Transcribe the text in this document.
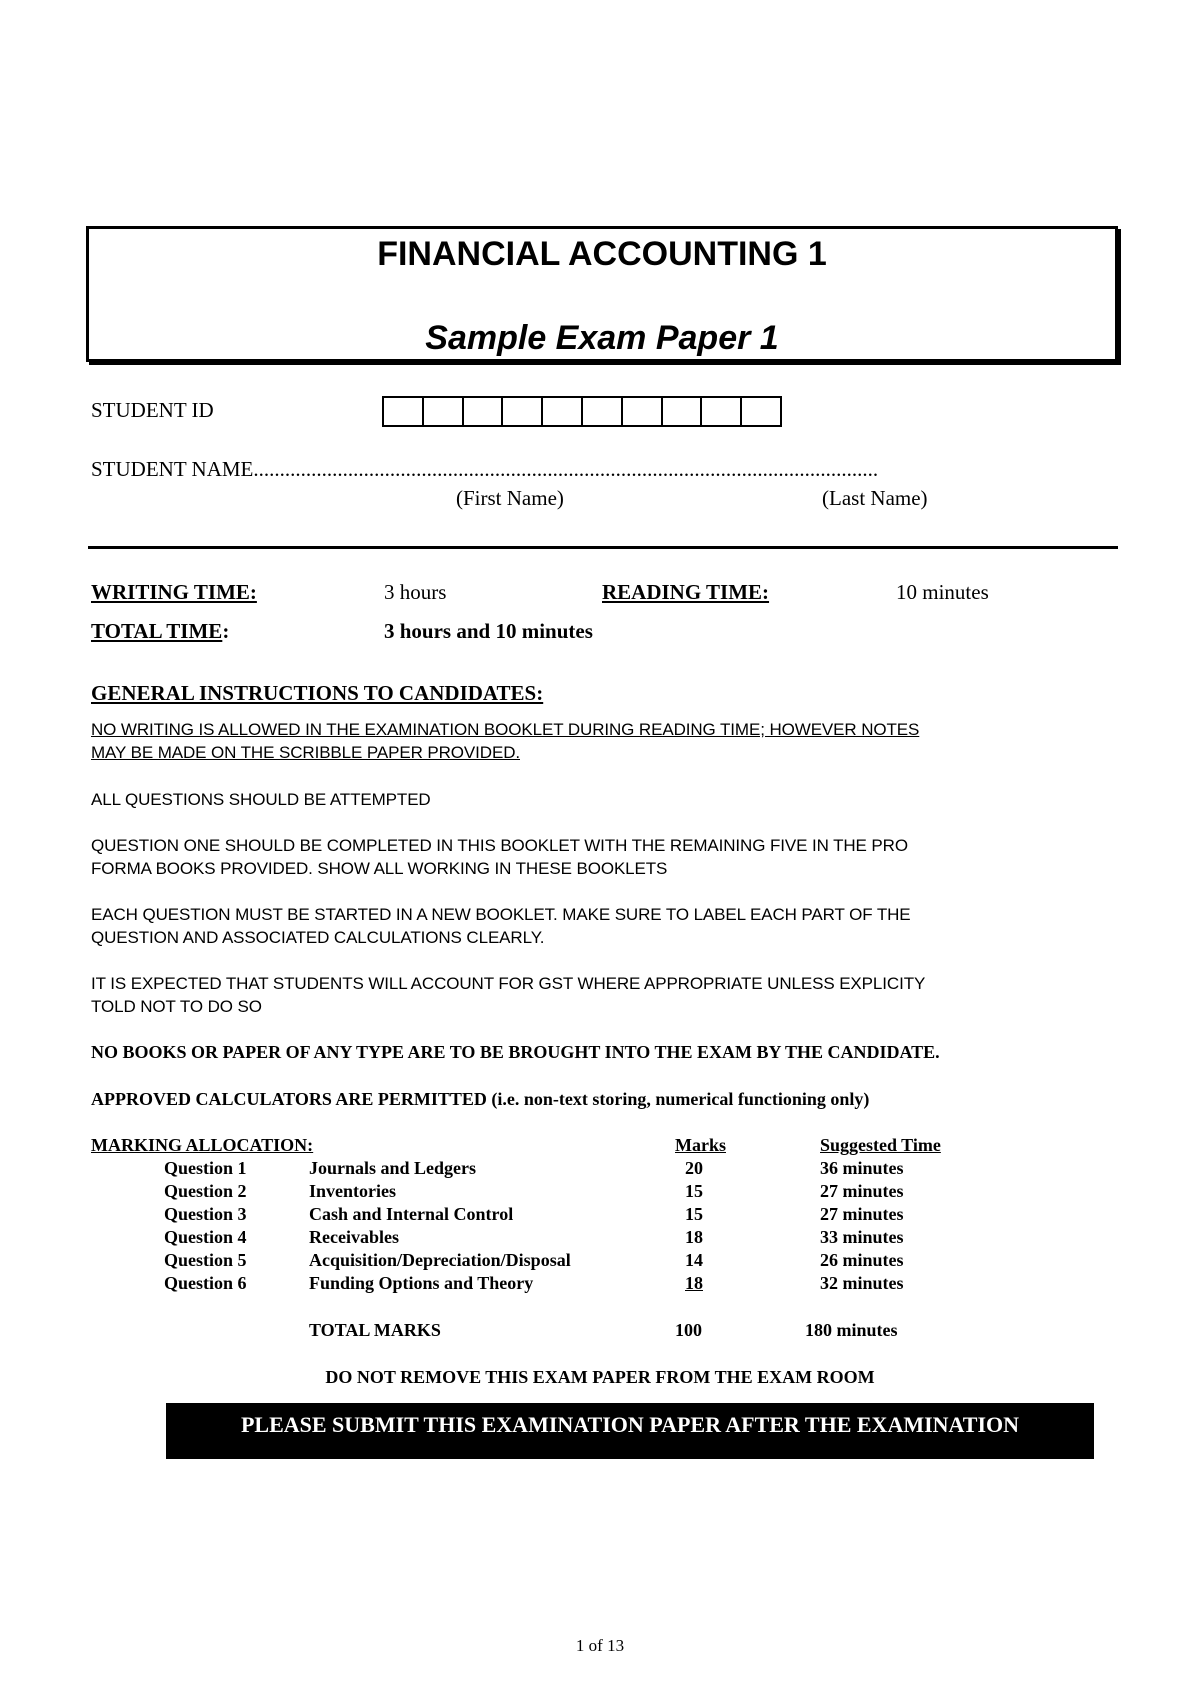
FINANCIAL ACCOUNTING 1
Sample Exam Paper 1
STUDENT ID
STUDENT NAME.......................................................................................................................
(First Name)	(Last Name)
WRITING TIME:	3 hours	READING TIME:	10 minutes
TOTAL TIME:	3 hours and 10 minutes
GENERAL INSTRUCTIONS TO CANDIDATES:
NO WRITING IS ALLOWED IN THE EXAMINATION BOOKLET DURING READING TIME; HOWEVER NOTES
MAY BE MADE ON THE SCRIBBLE PAPER PROVIDED.
ALL QUESTIONS SHOULD BE ATTEMPTED
QUESTION ONE SHOULD BE COMPLETED IN THIS BOOKLET WITH THE REMAINING FIVE IN THE PRO
FORMA BOOKS PROVIDED. SHOW ALL WORKING IN THESE BOOKLETS
EACH QUESTION MUST BE STARTED IN A NEW BOOKLET. MAKE SURE TO LABEL EACH PART OF THE
QUESTION AND ASSOCIATED CALCULATIONS CLEARLY.
IT IS EXPECTED THAT STUDENTS WILL ACCOUNT FOR GST WHERE APPROPRIATE UNLESS EXPLICITY
TOLD NOT TO DO SO
NO BOOKS OR PAPER OF ANY TYPE ARE TO BE BROUGHT INTO THE EXAM BY THE CANDIDATE.
APPROVED CALCULATORS ARE PERMITTED (i.e. non-text storing, numerical functioning only)
MARKING ALLOCATION:	Marks	Suggested Time
Question 1	Journals and Ledgers	20	36 minutes
Question 2	Inventories	15	27 minutes
Question 3	Cash and Internal Control	15	27 minutes
Question 4	Receivables	18	33 minutes
Question 5	Acquisition/Depreciation/Disposal	14	26 minutes
Question 6	Funding Options and Theory	18	32 minutes
TOTAL MARKS	100	180 minutes
DO NOT REMOVE THIS EXAM PAPER FROM THE EXAM ROOM
PLEASE SUBMIT THIS EXAMINATION PAPER AFTER THE EXAMINATION
1 of 13
